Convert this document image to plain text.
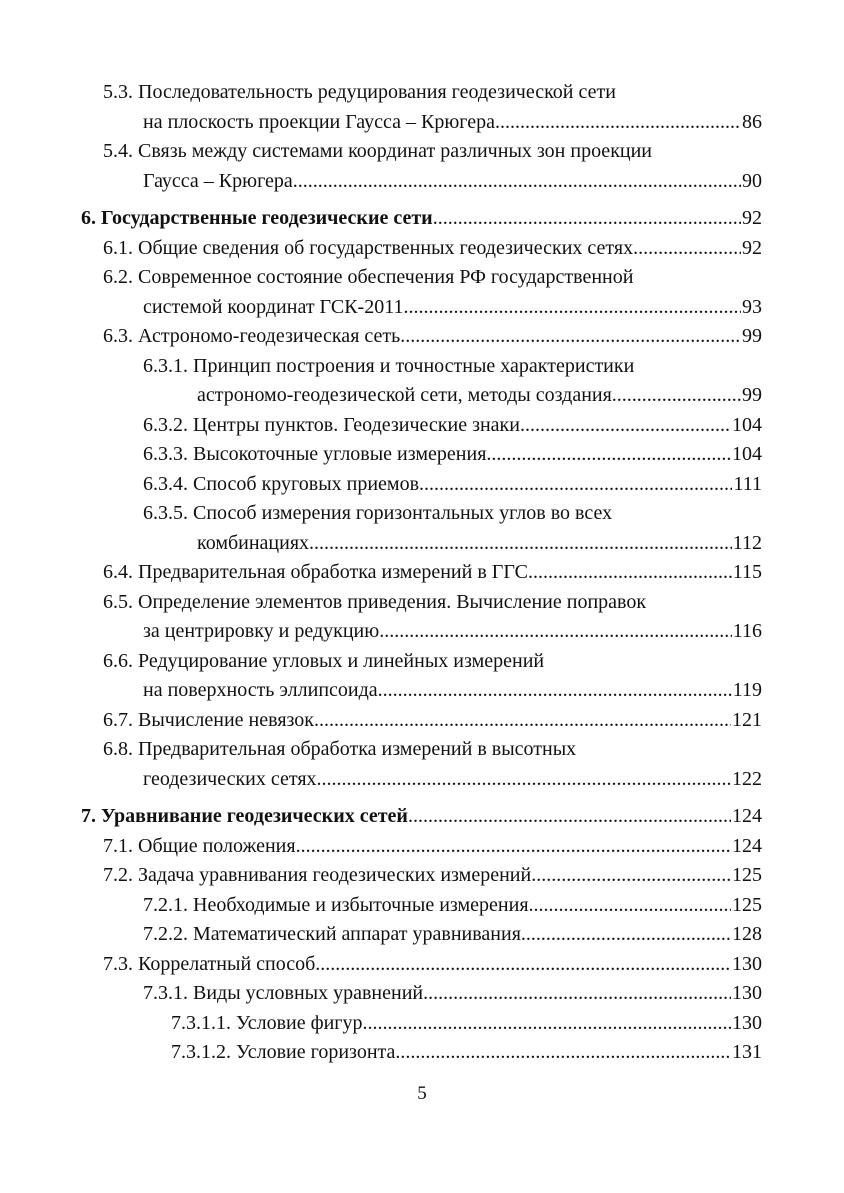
5.3. Последовательность редуцирования геодезической сети
на плоскость проекции Гаусса – Крюгера .....	86
5.4. Связь между системами координат различных зон проекции
Гаусса – Крюгера .....	90
6. Государственные геодезические сети .....	92
6.1. Общие сведения об государственных геодезических сетях .....	92
6.2. Современное состояние обеспечения РФ государственной
системой координат ГСК-2011 .....	93
6.3. Астрономо-геодезическая сеть .....	99
6.3.1. Принцип построения и точностные характеристики
астрономо-геодезической сети, методы создания .....	99
6.3.2. Центры пунктов. Геодезические знаки .....	104
6.3.3. Высокоточные угловые измерения .....	104
6.3.4. Способ круговых приемов .....	111
6.3.5. Способ измерения горизонтальных углов во всех
комбинациях .....	112
6.4. Предварительная обработка измерений в ГГС .....	115
6.5. Определение элементов приведения. Вычисление поправок
за центрировку и редукцию .....	116
6.6. Редуцирование угловых и линейных измерений
на поверхность эллипсоида .....	119
6.7. Вычисление невязок .....	121
6.8. Предварительная обработка измерений в высотных
геодезических сетях .....	122
7. Уравнивание геодезических сетей .....	124
7.1. Общие положения .....	124
7.2. Задача уравнивания геодезических измерений .....	125
7.2.1. Необходимые и избыточные измерения .....	125
7.2.2. Математический аппарат уравнивания .....	128
7.3. Коррелатный способ .....	130
7.3.1. Виды условных уравнений .....	130
7.3.1.1. Условие фигур .....	130
7.3.1.2. Условие горизонта .....	131
5
